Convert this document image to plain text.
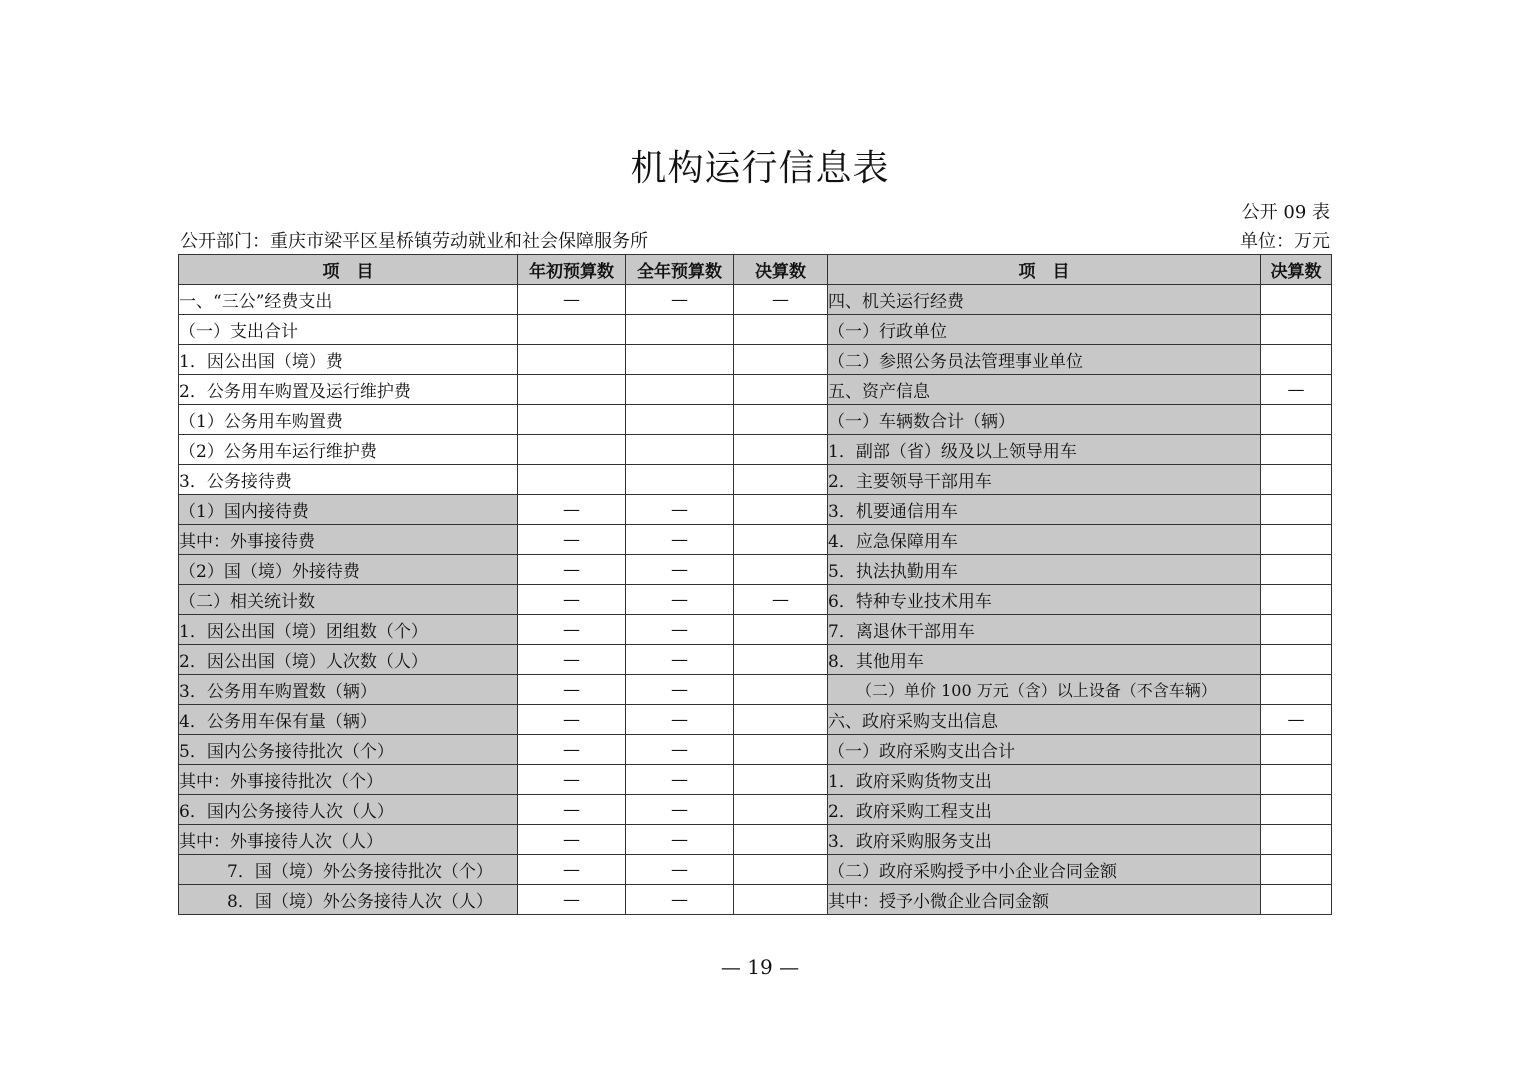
机构运行信息表
公开 09 表
公开部门：重庆市梁平区星桥镇劳动就业和社会保障服务所	单位：万元
项　目	年初预算数	全年预算数	决算数	项　目	决算数
一、“三公”经费支出	—	—	—	四、机关运行经费	
（一）支出合计				（一）行政单位	
1．因公出国（境）费				（二）参照公务员法管理事业单位	
2．公务用车购置及运行维护费				五、资产信息	—
（1）公务用车购置费				（一）车辆数合计（辆）	
（2）公务用车运行维护费				1．副部（省）级及以上领导用车	
3．公务接待费				2．主要领导干部用车	
（1）国内接待费	—	—		3．机要通信用车	
其中：外事接待费	—	—		4．应急保障用车	
（2）国（境）外接待费	—	—		5．执法执勤用车	
（二）相关统计数	—	—	—	6．特种专业技术用车	
1．因公出国（境）团组数（个）	—	—		7．离退休干部用车	
2．因公出国（境）人次数（人）	—	—		8．其他用车	
3．公务用车购置数（辆）	—	—		（二）单价 100 万元（含）以上设备（不含车辆）	
4．公务用车保有量（辆）	—	—		六、政府采购支出信息	—
5．国内公务接待批次（个）	—	—		（一）政府采购支出合计	
其中：外事接待批次（个）	—	—		1．政府采购货物支出	
6．国内公务接待人次（人）	—	—		2．政府采购工程支出	
其中：外事接待人次（人）	—	—		3．政府采购服务支出	
7．国（境）外公务接待批次（个）	—	—		（二）政府采购授予中小企业合同金额	
8．国（境）外公务接待人次（人）	—	—		其中：授予小微企业合同金额	
— 19 —
